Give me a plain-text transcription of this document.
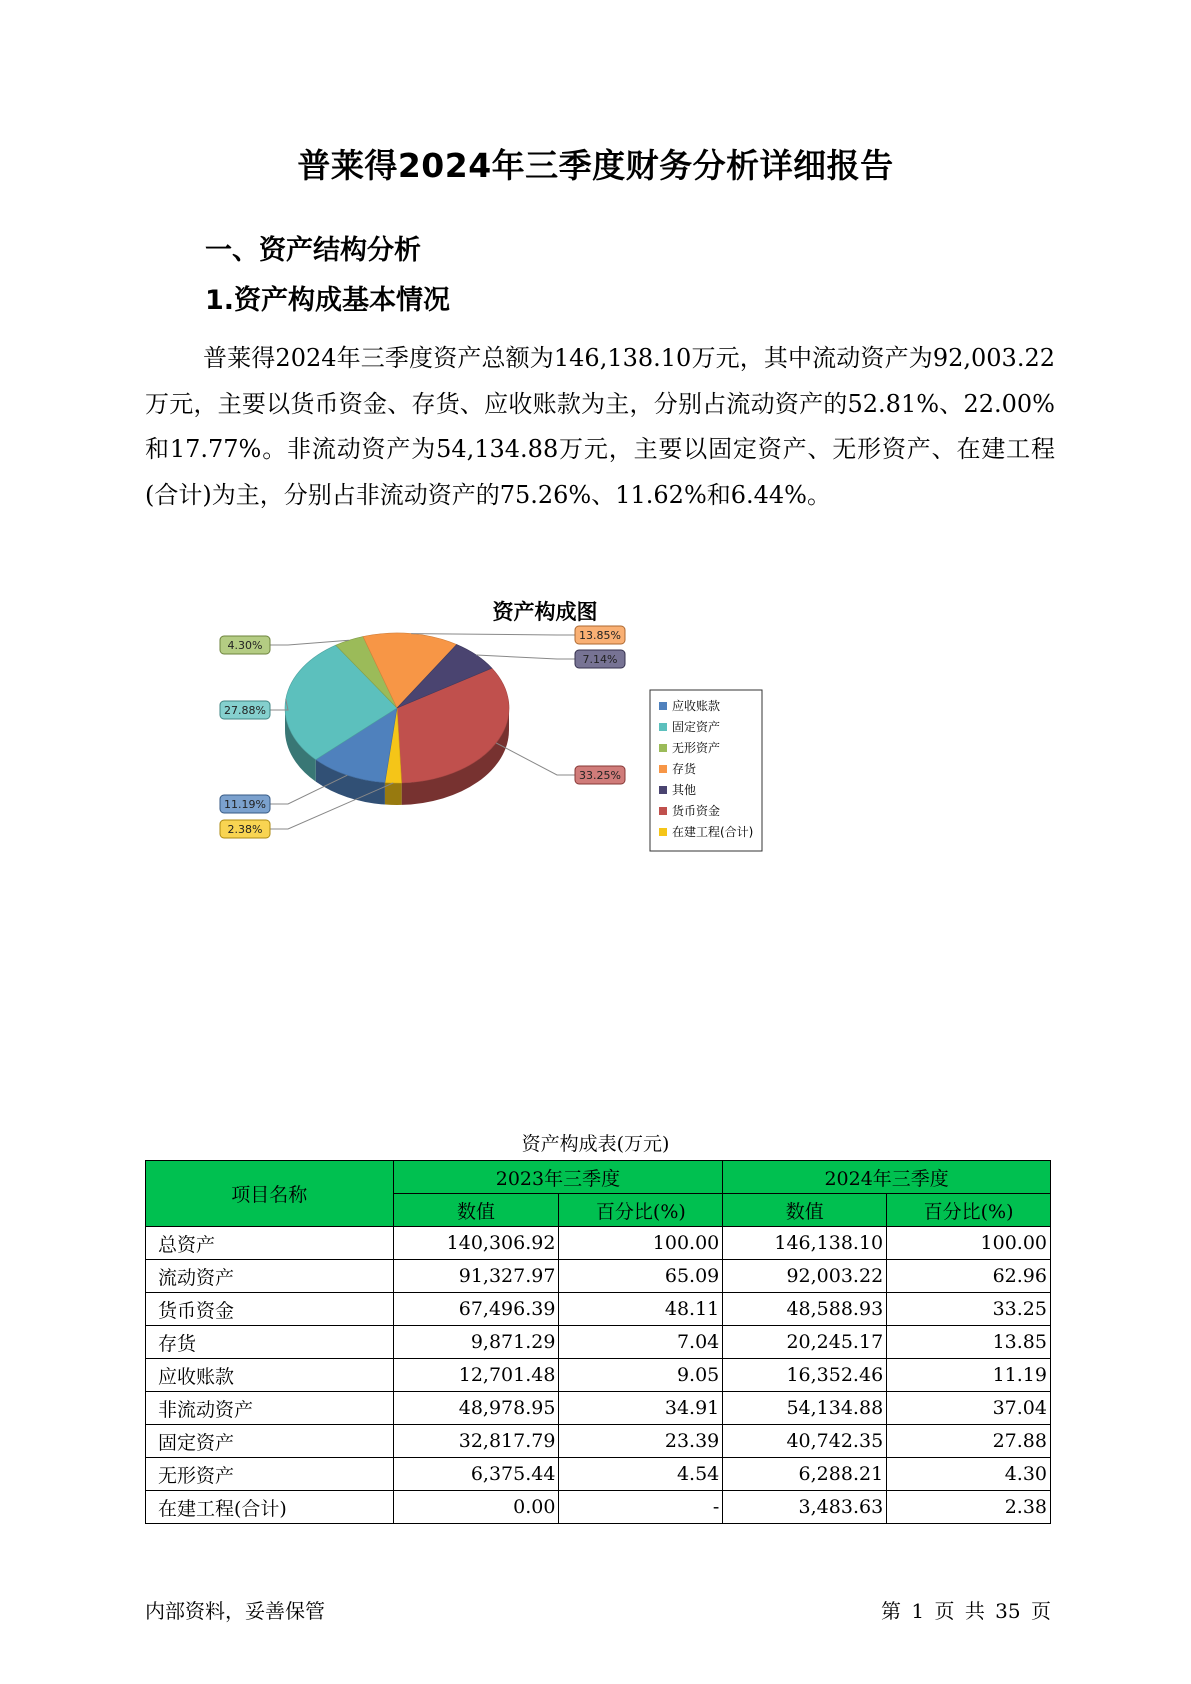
普莱得2024年三季度财务分析详细报告
一、资产结构分析
1.资产构成基本情况
普莱得2024年三季度资产总额为146,138.10万元，其中流动资产为92,003.22万元，主要以货币资金、存货、应收账款为主，分别占流动资产的52.81%、22.00%和17.77%。非流动资产为54,134.88万元，主要以固定资产、无形资产、在建工程(合计)为主，分别占非流动资产的75.26%、11.62%和6.44%。
资产构成图
33.25%
2.38%
11.19%
27.88%
4.30%
13.85%
7.14%
应收账款
固定资产
无形资产
存货
其他
货币资金
在建工程(合计)
资产构成表(万元)
项目名称	2023年三季度		2024年三季度	
	数值	百分比(%)	数值	百分比(%)
总资产	140,306.92	100.00	146,138.10	100.00
流动资产	91,327.97	65.09	92,003.22	62.96
货币资金	67,496.39	48.11	48,588.93	33.25
存货	9,871.29	7.04	20,245.17	13.85
应收账款	12,701.48	9.05	16,352.46	11.19
非流动资产	48,978.95	34.91	54,134.88	37.04
固定资产	32,817.79	23.39	40,742.35	27.88
无形资产	6,375.44	4.54	6,288.21	4.30
在建工程(合计)	0.00	-	3,483.63	2.38
内部资料，妥善保管	第 1 页 共 35 页
